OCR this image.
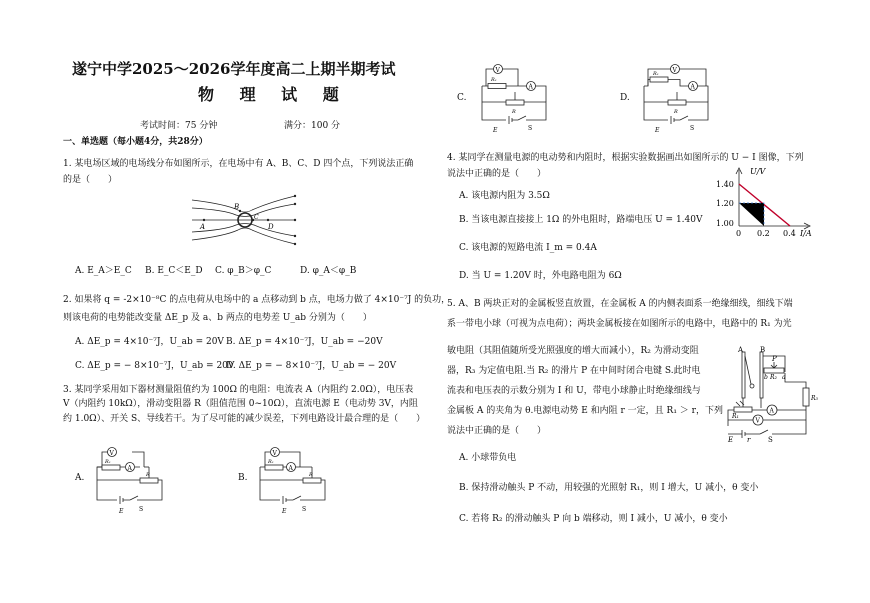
遂宁中学2025～2026学年度高二上期半期考试
物 理 试 题
考试时间：75 分钟	满分：100 分
一、单选题（每小题4分，共28分）
1. 某电场区域的电场线分布如图所示，在电场中有 A、B、C、D 四个点，下列说法正确
的是（　　）
A
B
C
D
A. E_A＞E_C B. E_C＜E_D C. φ_B＞φ_C	D. φ_A＜φ_B
2. 如果将 q = -2×10⁻⁸C 的点电荷从电场中的 a 点移动到 b 点，电场力做了 4×10⁻⁷J 的负功，
则该电荷的电势能改变量 ΔE_p 及 a、b 两点的电势差 U_ab 分别为（　　）
A. ΔE_p = 4×10⁻⁷J，U_ab = 20V B. ΔE_p = 4×10⁻⁷J，U_ab = −20V
C. ΔE_p = − 8×10⁻⁷J，U_ab = 20V
D. ΔE_p = − 8×10⁻⁷J，U_ab = − 20V
3. 某同学采用如下器材测量阻值约为 100Ω 的电阻：电流表 A（内阻约 2.0Ω），电压表
V（内阻约 10kΩ），滑动变阻器 R（阻值范围 0~10Ω），直流电源 E（电动势 3V，内阻
约 1.0Ω）、开关 S、导线若干。为了尽可能的减少误差，下列电路设计最合理的是（　　）
A.
V
A
Rₓ
R
E	S
B.
V
A
Rₓ
R
E	S
C.
V
A
Rₓ
R
E	S
D.
V
A
Rₓ
R
E	S
4. 某同学在测量电源的电动势和内阻时，根据实验数据画出如图所示的 U − I 图像，下列
说法中正确的是（　　）
A. 该电源内阻为 3.5Ω
B. 当该电源直接接上 1Ω 的外电阻时，路端电压 U = 1.40V
C. 该电源的短路电流 I_m = 0.4A
D. 当 U = 1.20V 时，外电路电阻为 6Ω
U/V
I/A
1.40
1.20
1.00
0 0.2 0.4
5. A、B 两块正对的金属板竖直放置，在金属板 A 的内侧表面系一绝缘细线，细线下端
系一带电小球（可视为点电荷）；两块金属板接在如图所示的电路中，电路中的 R₁ 为光
敏电阻（其阻值随所受光照强度的增大而减小），R₂ 为滑动变阻
器，R₃ 为定值电阻.当 R₂ 的滑片 P 在中间时闭合电键 S.此时电
流表和电压表的示数分别为 I 和 U，带电小球静止时绝缘细线与
金属板 A 的夹角为 θ.电源电动势 E 和内阻 r 一定，且 R₁ ＞ r，下列
说法中正确的是（　　）
A. 小球带负电
B. 保持滑动触头 P 不动，用较强的光照射 R₁，则 I 增大，U 减小，θ 变小
C. 若将 R₂ 的滑动触头 P 向 b 端移动，则 I 减小，U 减小，θ 变小
A B
P
a
b R₂
R₁
R₃
A
V
E r	S
